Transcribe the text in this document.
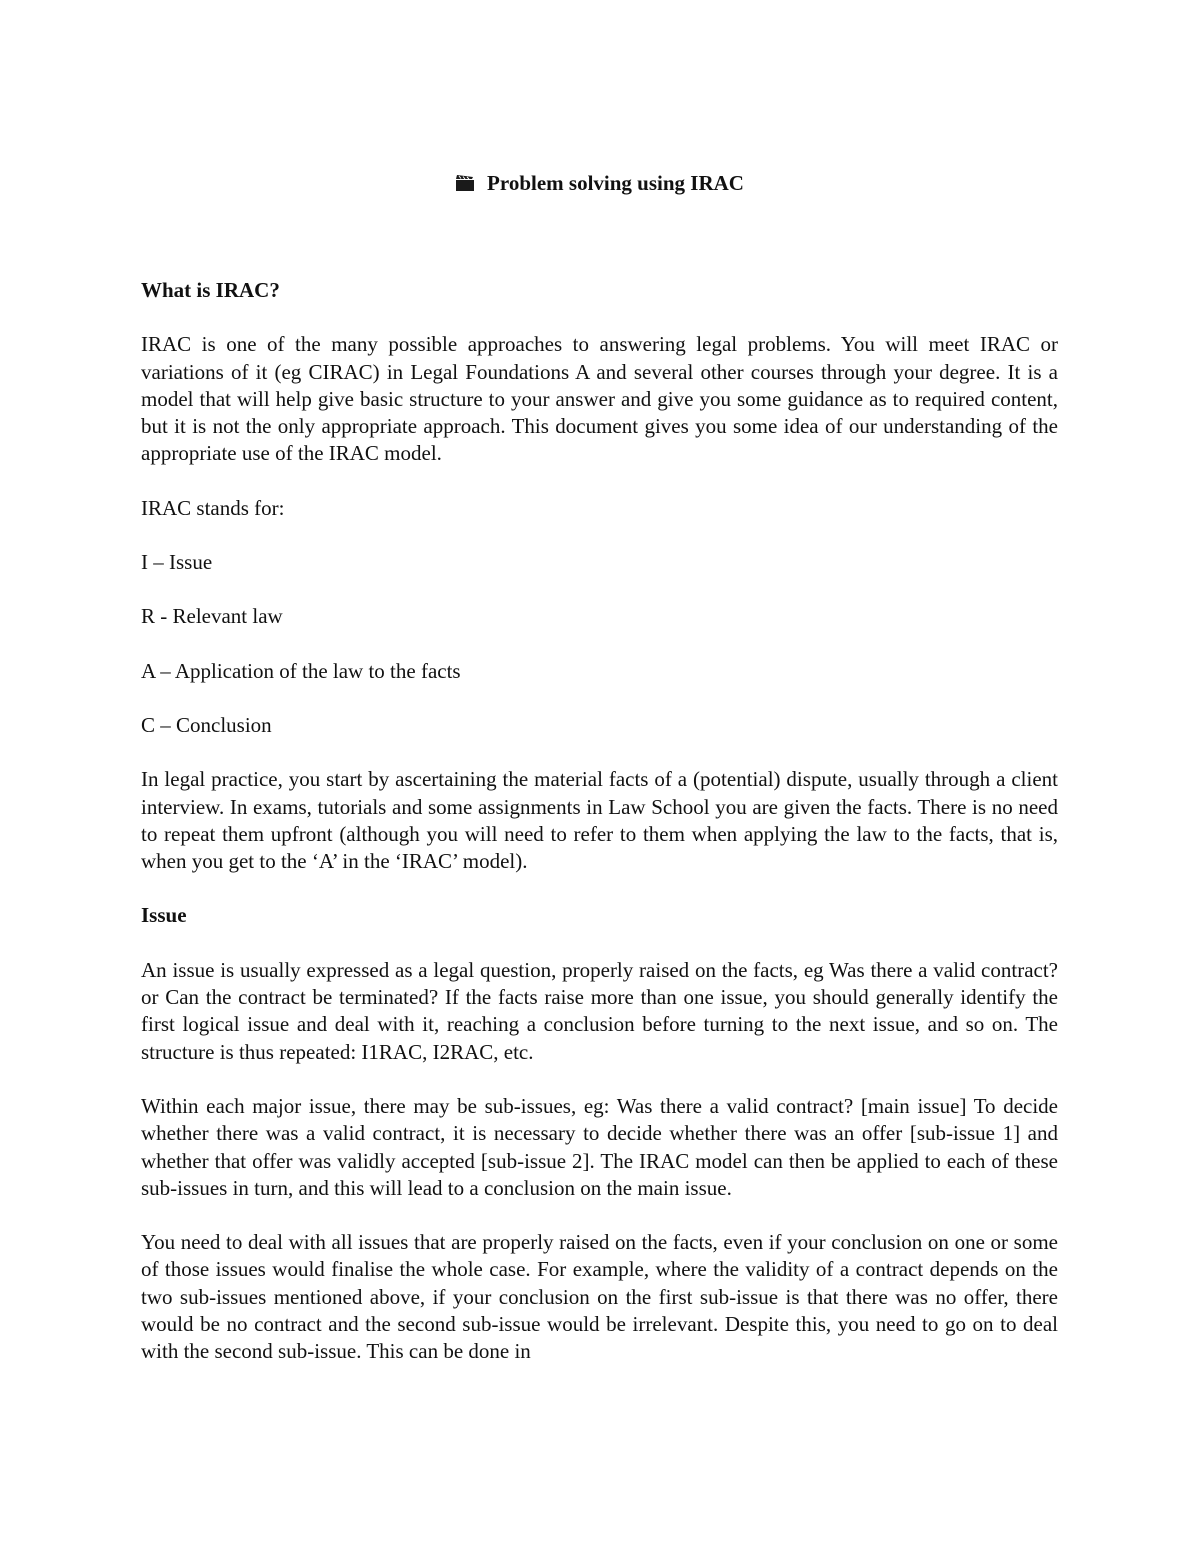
Problem solving using IRAC
What is IRAC?

IRAC is one of the many possible approaches to answering legal problems. You will meet IRAC or variations of it (eg CIRAC) in Legal Foundations A and several other courses through your degree. It is a model that will help give basic structure to your answer and give you some guidance as to required content, but it is not the only appropriate approach. This document gives you some idea of our understanding of the appropriate use of the IRAC model.

IRAC stands for:

I – Issue

R - Relevant law

A – Application of the law to the facts

C – Conclusion

In legal practice, you start by ascertaining the material facts of a (potential) dispute, usually through a client interview. In exams, tutorials and some assignments in Law School you are given the facts. There is no need to repeat them upfront (although you will need to refer to them when applying the law to the facts, that is, when you get to the ‘A’ in the ‘IRAC’ model).

Issue

An issue is usually expressed as a legal question, properly raised on the facts, eg Was there a valid contract? or Can the contract be terminated? If the facts raise more than one issue, you should generally identify the first logical issue and deal with it, reaching a conclusion before turning to the next issue, and so on. The structure is thus repeated: I1RAC, I2RAC, etc.

Within each major issue, there may be sub-issues, eg: Was there a valid contract? [main issue] To decide whether there was a valid contract, it is necessary to decide whether there was an offer [sub-issue 1] and whether that offer was validly accepted [sub-issue 2]. The IRAC model can then be applied to each of these sub-issues in turn, and this will lead to a conclusion on the main issue.

You need to deal with all issues that are properly raised on the facts, even if your conclusion on one or some of those issues would finalise the whole case. For example, where the validity of a contract depends on the two sub-issues mentioned above, if your conclusion on the first sub-issue is that there was no offer, there would be no contract and the second sub-issue would be irrelevant. Despite this, you need to go on to deal with the second sub-issue. This can be done in
